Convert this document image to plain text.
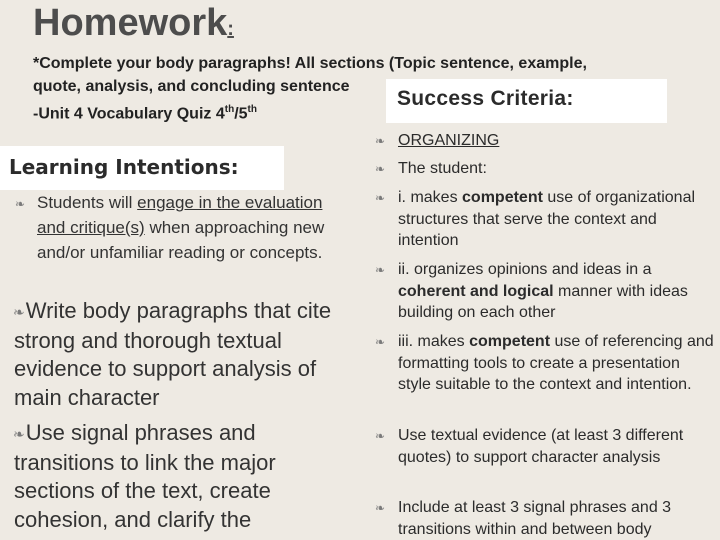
Homework:
*Complete your body paragraphs! All sections (Topic sentence, example,
quote, analysis, and concluding sentence
-Unit 4 Vocabulary Quiz 4th/5th	Success Criteria:
Learning Intentions:
❧ Students will engage in the evaluation and critique(s) when approaching new and/or unfamiliar reading or concepts.
❧Write body paragraphs that cite strong and thorough textual evidence to support analysis of main character
❧Use signal phrases and transitions to link the major sections of the text, create cohesion, and clarify the
❧ ORGANIZING
❧ The student:
❧ i. makes competent use of organizational structures that serve the context and intention
❧ ii. organizes opinions and ideas in a coherent and logical manner with ideas building on each other
❧ iii. makes competent use of referencing and formatting tools to create a presentation style suitable to the context and intention.
❧ Use textual evidence (at least 3 different quotes) to support character analysis
❧ Include at least 3 signal phrases and 3 transitions within and between body
